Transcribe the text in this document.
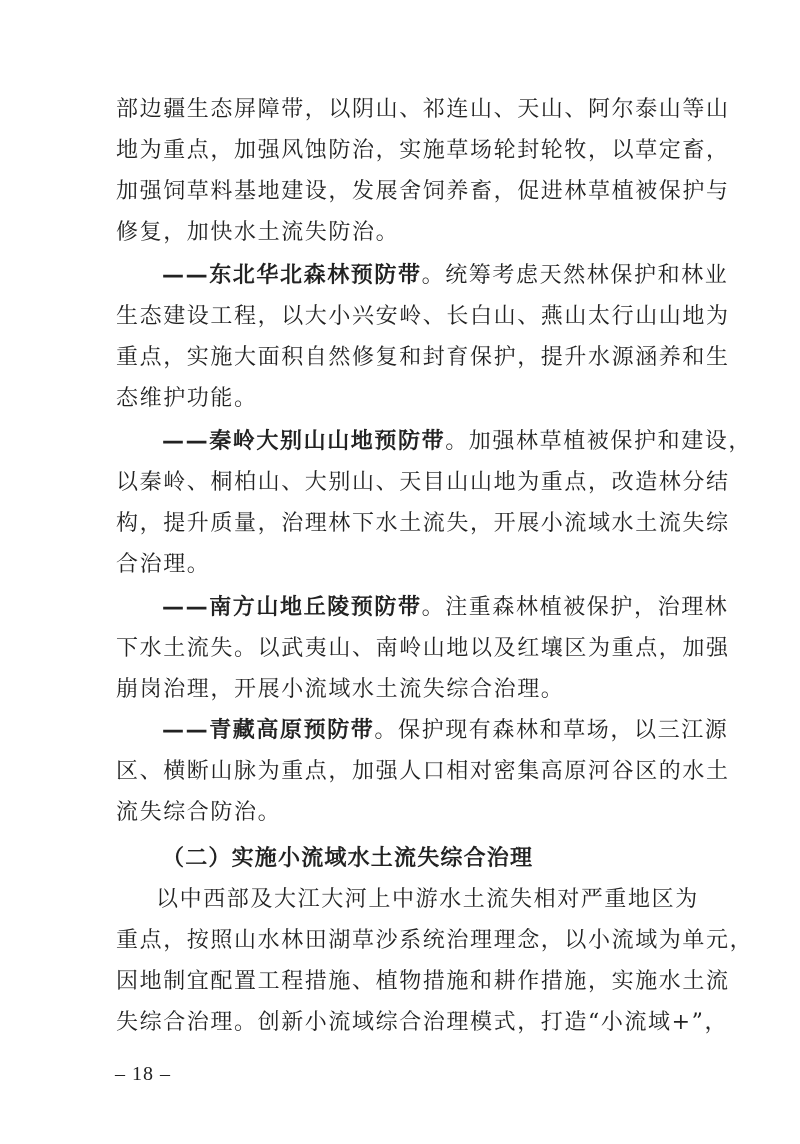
部边疆生态屏障带，以阴山、祁连山、天山、阿尔泰山等山
地为重点，加强风蚀防治，实施草场轮封轮牧，以草定畜，
加强饲草料基地建设，发展舍饲养畜，促进林草植被保护与
修复，加快水土流失防治。
——东北华北森林预防带。统筹考虑天然林保护和林业
生态建设工程，以大小兴安岭、长白山、燕山太行山山地为
重点，实施大面积自然修复和封育保护，提升水源涵养和生
态维护功能。
——秦岭大别山山地预防带。加强林草植被保护和建设，
以秦岭、桐柏山、大别山、天目山山地为重点，改造林分结
构，提升质量，治理林下水土流失，开展小流域水土流失综
合治理。
——南方山地丘陵预防带。注重森林植被保护，治理林
下水土流失。以武夷山、南岭山地以及红壤区为重点，加强
崩岗治理，开展小流域水土流失综合治理。
——青藏高原预防带。保护现有森林和草场，以三江源
区、横断山脉为重点，加强人口相对密集高原河谷区的水土
流失综合防治。
（二）实施小流域水土流失综合治理
以中西部及大江大河上中游水土流失相对严重地区为
重点，按照山水林田湖草沙系统治理理念，以小流域为单元，
因地制宜配置工程措施、植物措施和耕作措施，实施水土流
失综合治理。创新小流域综合治理模式，打造“小流域+”，
– 18 –
